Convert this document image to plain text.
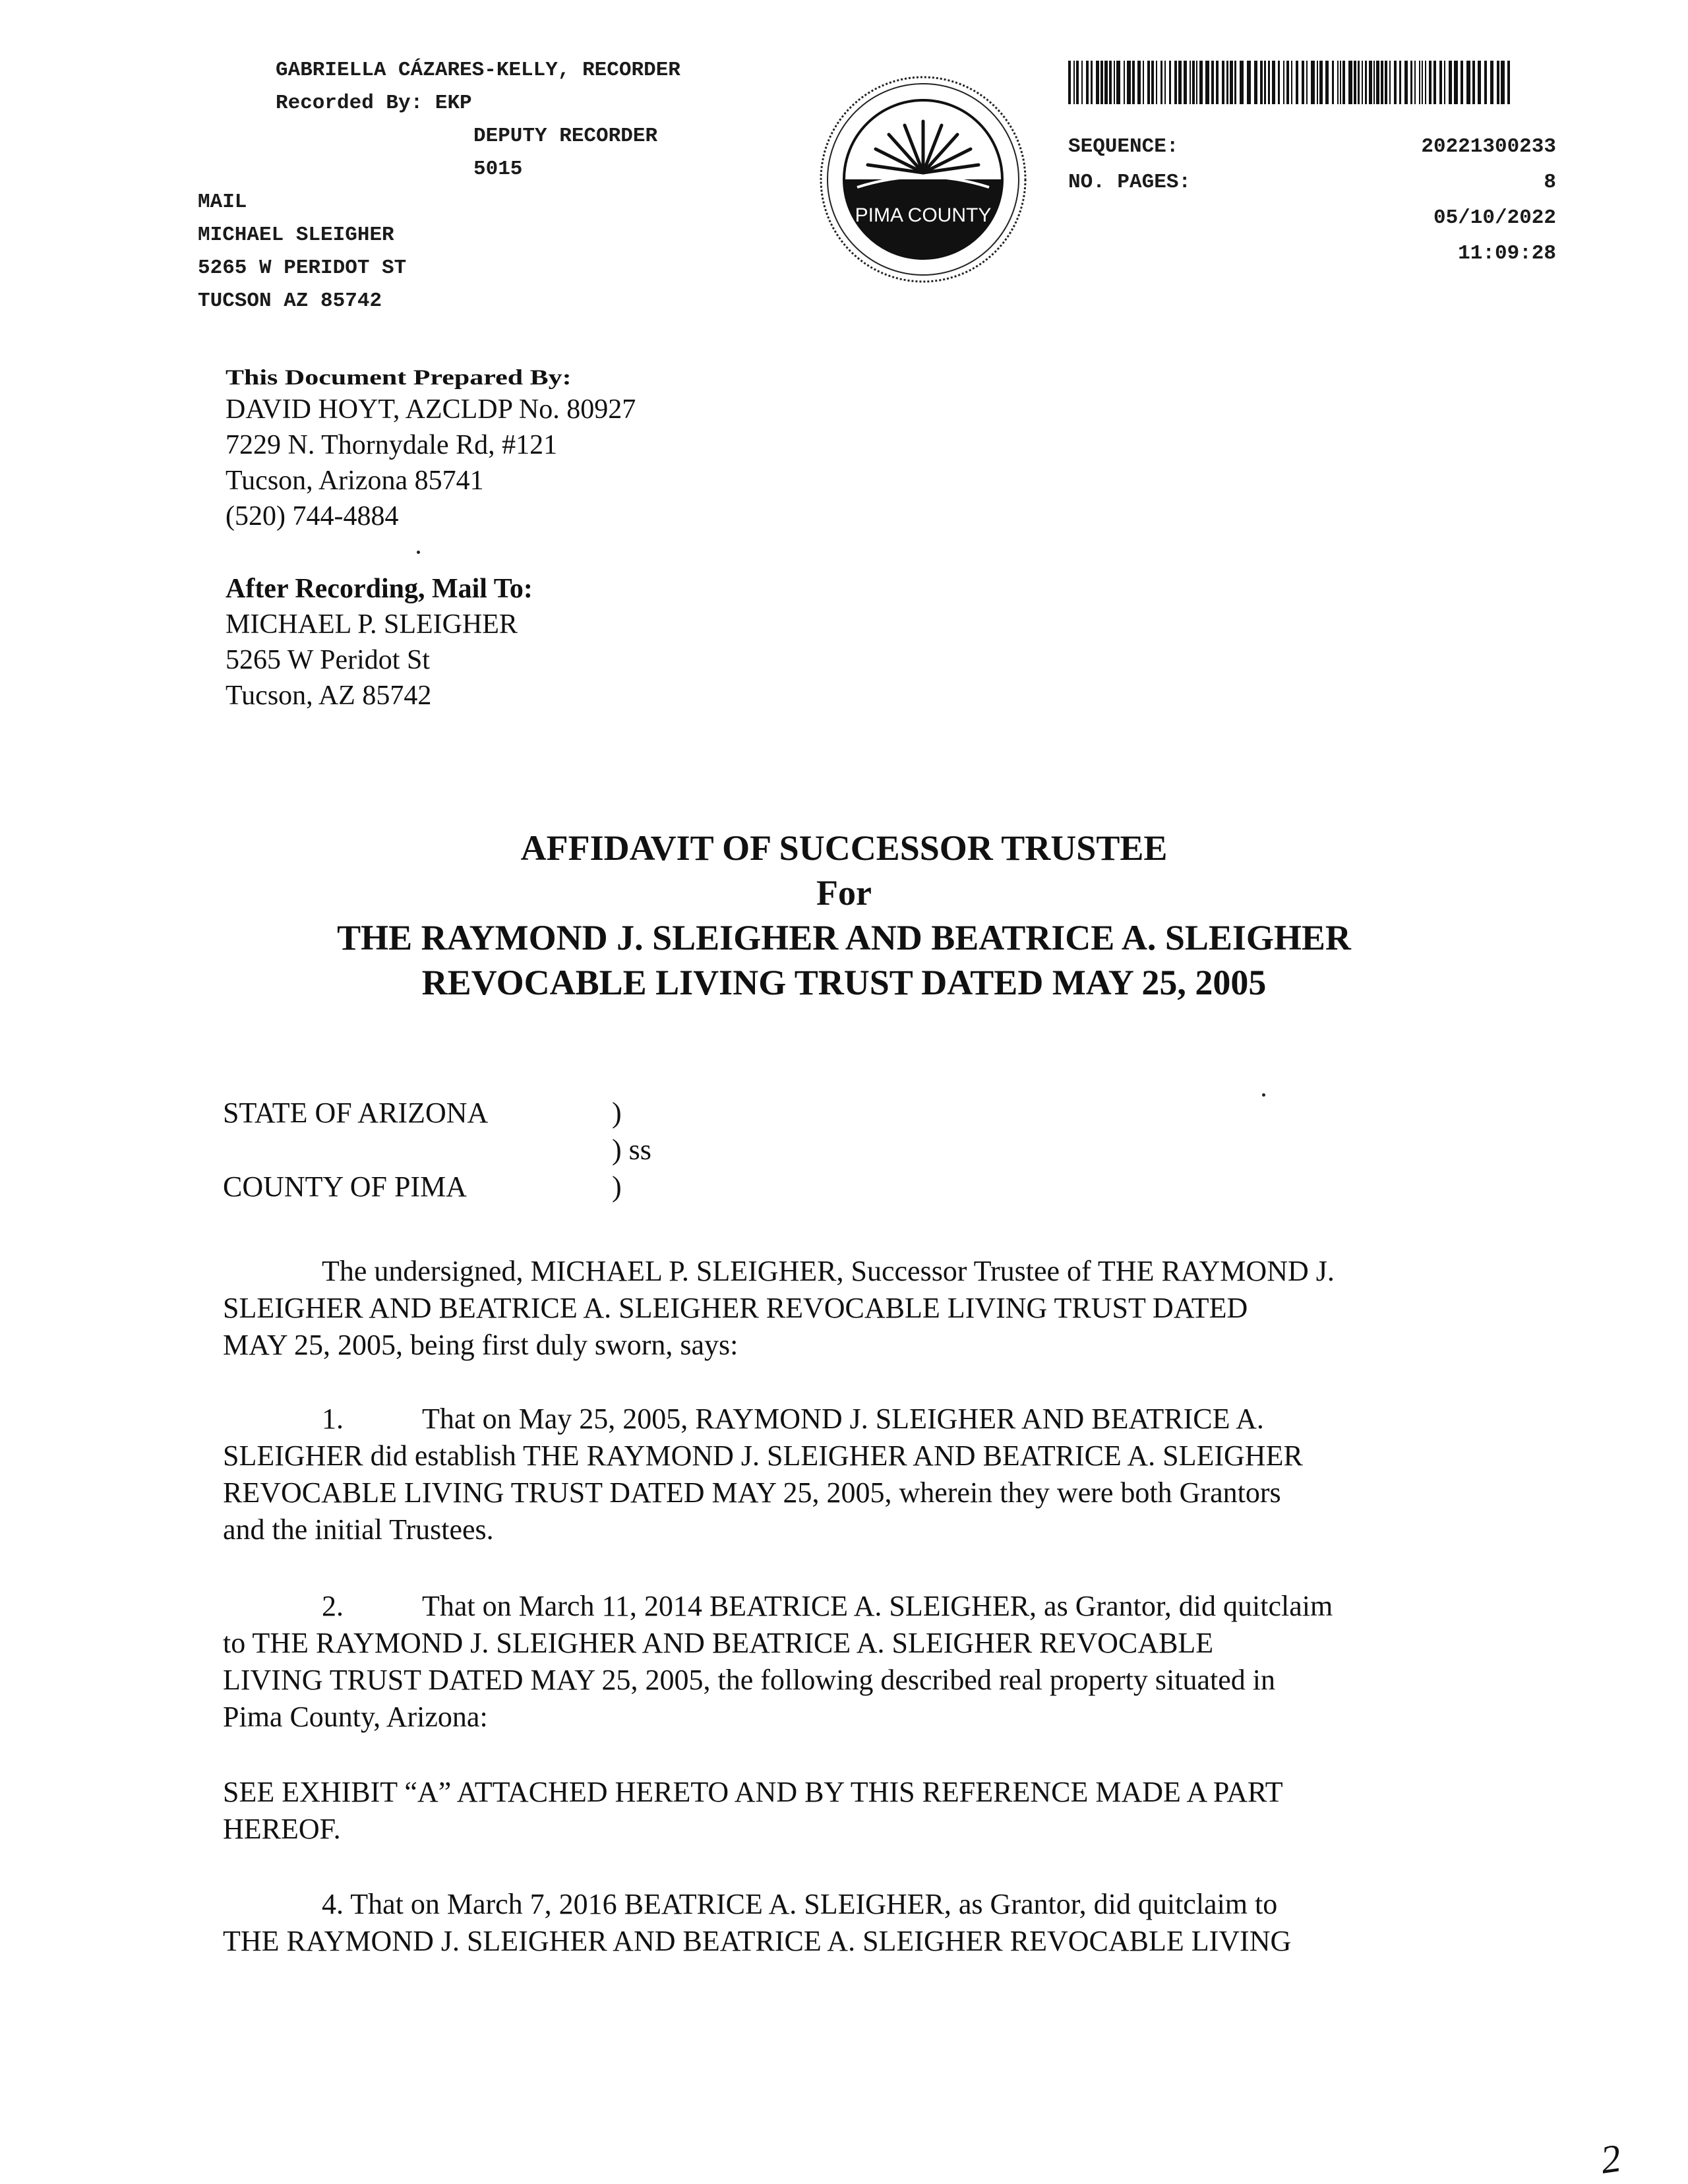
GABRIELLA CÁZARES-KELLY, RECORDER
Recorded By: EKP
DEPUTY RECORDER
5015
MAIL
MICHAEL SLEIGHER
5265 W PERIDOT ST
TUCSON AZ 85742
PIMA COUNTY
SEQUENCE:	20221300233
NO. PAGES:	8
05/10/2022
11:09:28
This Document Prepared By:
DAVID HOYT, AZCLDP No. 80927
7229 N. Thornydale Rd, #121
Tucson, Arizona 85741
(520) 744-4884
After Recording, Mail To:
MICHAEL P. SLEIGHER
5265 W Peridot St
Tucson, AZ 85742
AFFIDAVIT OF SUCCESSOR TRUSTEE
For
THE RAYMOND J. SLEIGHER AND BEATRICE A. SLEIGHER
REVOCABLE LIVING TRUST DATED MAY 25, 2005
STATE OF ARIZONA	)
) ss
COUNTY OF PIMA	)
The undersigned, MICHAEL P. SLEIGHER, Successor Trustee of THE RAYMOND J.
SLEIGHER AND BEATRICE A. SLEIGHER REVOCABLE LIVING TRUST DATED
MAY 25, 2005, being first duly sworn, says:
1.	That on May 25, 2005, RAYMOND J. SLEIGHER AND BEATRICE A.
SLEIGHER did establish THE RAYMOND J. SLEIGHER AND BEATRICE A. SLEIGHER
REVOCABLE LIVING TRUST DATED MAY 25, 2005, wherein they were both Grantors
and the initial Trustees.
2.	That on March 11, 2014 BEATRICE A. SLEIGHER, as Grantor, did quitclaim
to THE RAYMOND J. SLEIGHER AND BEATRICE A. SLEIGHER REVOCABLE
LIVING TRUST DATED MAY 25, 2005, the following described real property situated in
Pima County, Arizona:
SEE EXHIBIT “A” ATTACHED HERETO AND BY THIS REFERENCE MADE A PART
HEREOF.
4. That on March 7, 2016 BEATRICE A. SLEIGHER, as Grantor, did quitclaim to
THE RAYMOND J. SLEIGHER AND BEATRICE A. SLEIGHER REVOCABLE LIVING
2
